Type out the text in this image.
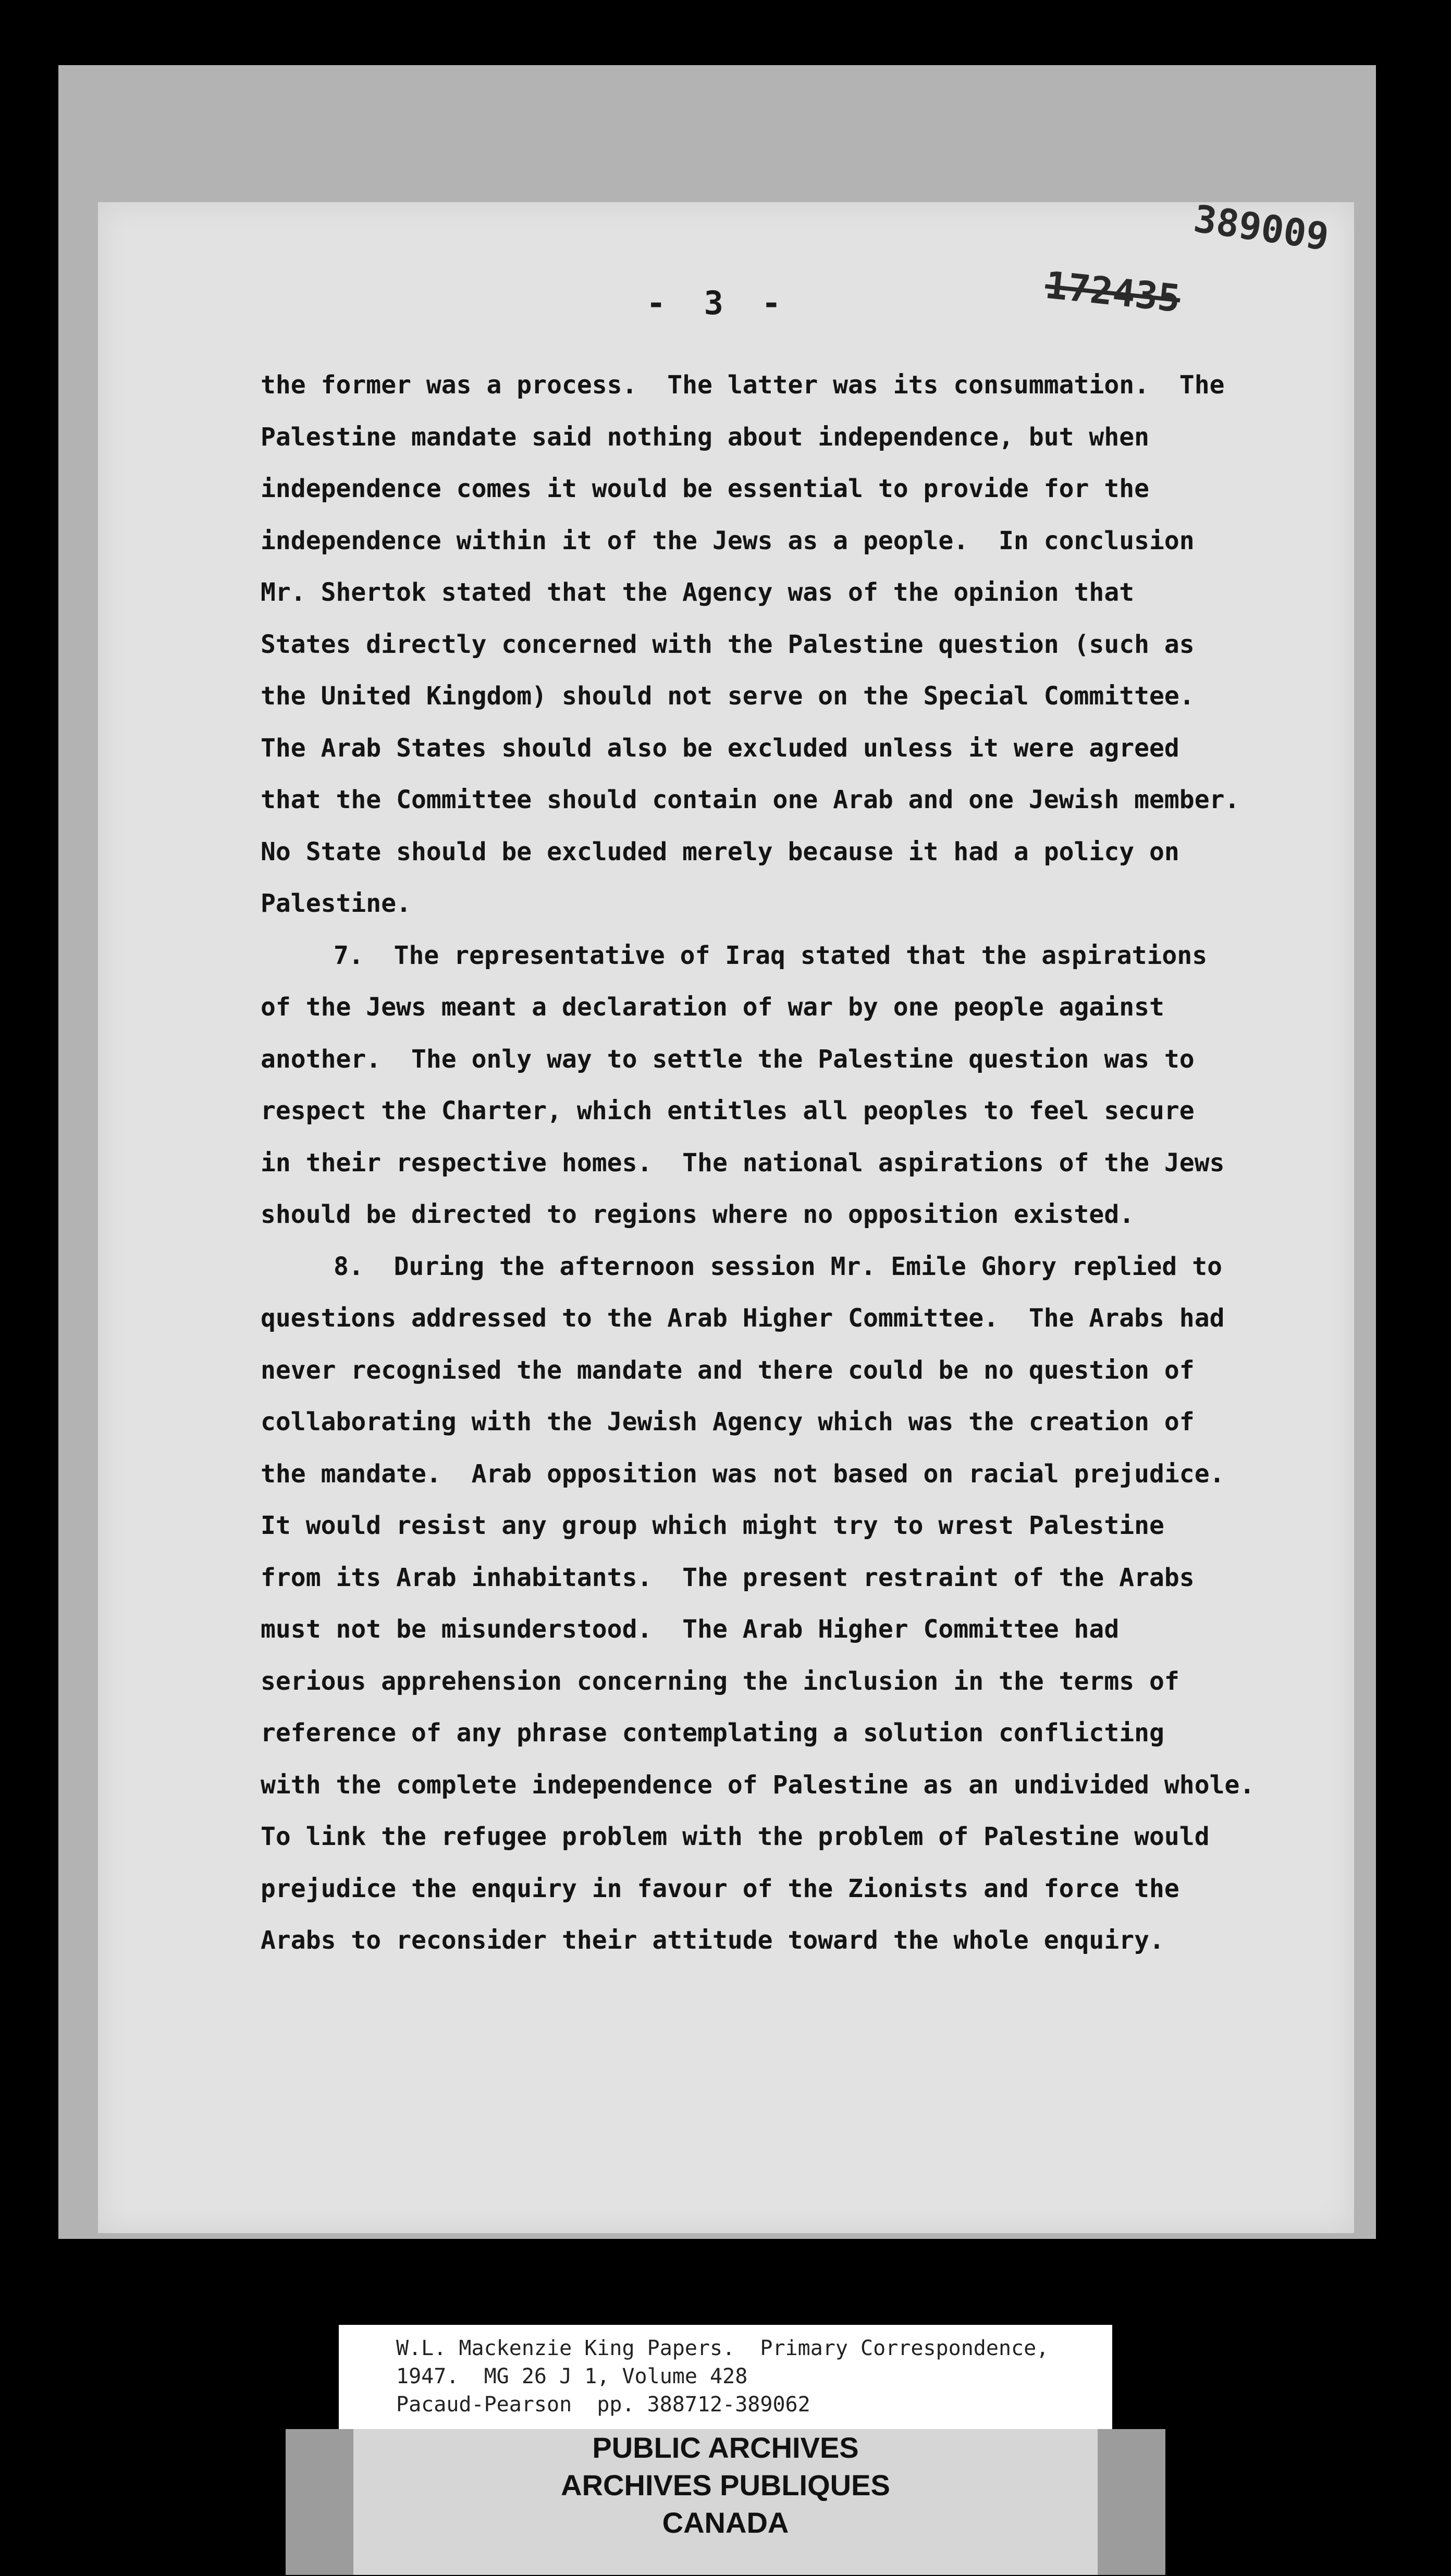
389009
- 3 -	172435
the former was a process.  The latter was its consummation.  The
Palestine mandate said nothing about independence, but when
independence comes it would be essential to provide for the
independence within it of the Jews as a people.  In conclusion
Mr. Shertok stated that the Agency was of the opinion that
States directly concerned with the Palestine question (such as
the United Kingdom) should not serve on the Special Committee.
The Arab States should also be excluded unless it were agreed
that the Committee should contain one Arab and one Jewish member.
No State should be excluded merely because it had a policy on
Palestine.
7.  The representative of Iraq stated that the aspirations
of the Jews meant a declaration of war by one people against
another.  The only way to settle the Palestine question was to
respect the Charter, which entitles all peoples to feel secure
in their respective homes.  The national aspirations of the Jews
should be directed to regions where no opposition existed.
8.  During the afternoon session Mr. Emile Ghory replied to
questions addressed to the Arab Higher Committee.  The Arabs had
never recognised the mandate and there could be no question of
collaborating with the Jewish Agency which was the creation of
the mandate.  Arab opposition was not based on racial prejudice.
It would resist any group which might try to wrest Palestine
from its Arab inhabitants.  The present restraint of the Arabs
must not be misunderstood.  The Arab Higher Committee had
serious apprehension concerning the inclusion in the terms of
reference of any phrase contemplating a solution conflicting
with the complete independence of Palestine as an undivided whole.
To link the refugee problem with the problem of Palestine would
prejudice the enquiry in favour of the Zionists and force the
Arabs to reconsider their attitude toward the whole enquiry.
W.L. Mackenzie King Papers.  Primary Correspondence,
1947.  MG 26 J 1, Volume 428
Pacaud-Pearson  pp. 388712-389062
PUBLIC ARCHIVES
ARCHIVES PUBLIQUES
CANADA
